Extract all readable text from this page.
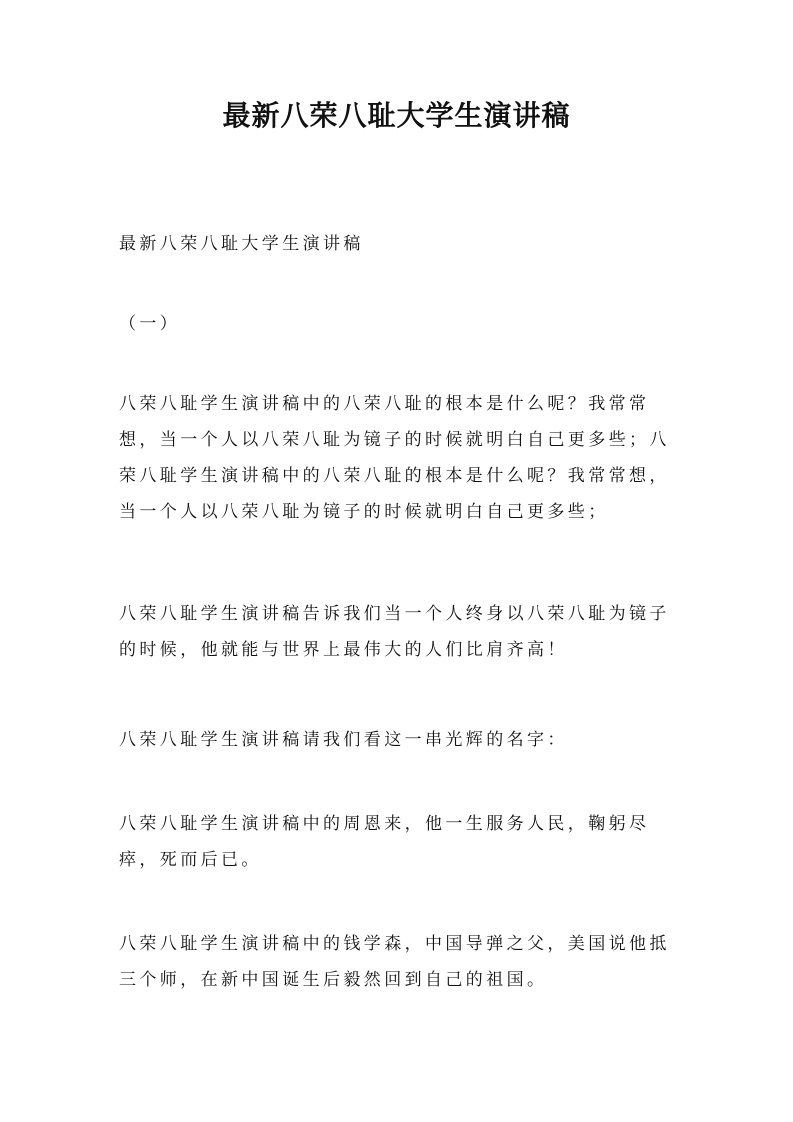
最新八荣八耻大学生演讲稿

最新八荣八耻大学生演讲稿

（一）

八荣八耻学生演讲稿中的八荣八耻的根本是什么呢？我常常想，当一个人以八荣八耻为镜子的时候就明白自己更多些；八荣八耻学生演讲稿中的八荣八耻的根本是什么呢？我常常想，当一个人以八荣八耻为镜子的时候就明白自己更多些；

八荣八耻学生演讲稿告诉我们当一个人终身以八荣八耻为镜子的时候，他就能与世界上最伟大的人们比肩齐高！

八荣八耻学生演讲稿请我们看这一串光辉的名字：

八荣八耻学生演讲稿中的周恩来，他一生服务人民，鞠躬尽瘁，死而后已。

八荣八耻学生演讲稿中的钱学森，中国导弹之父，美国说他抵三个师，在新中国诞生后毅然回到自己的祖国。
